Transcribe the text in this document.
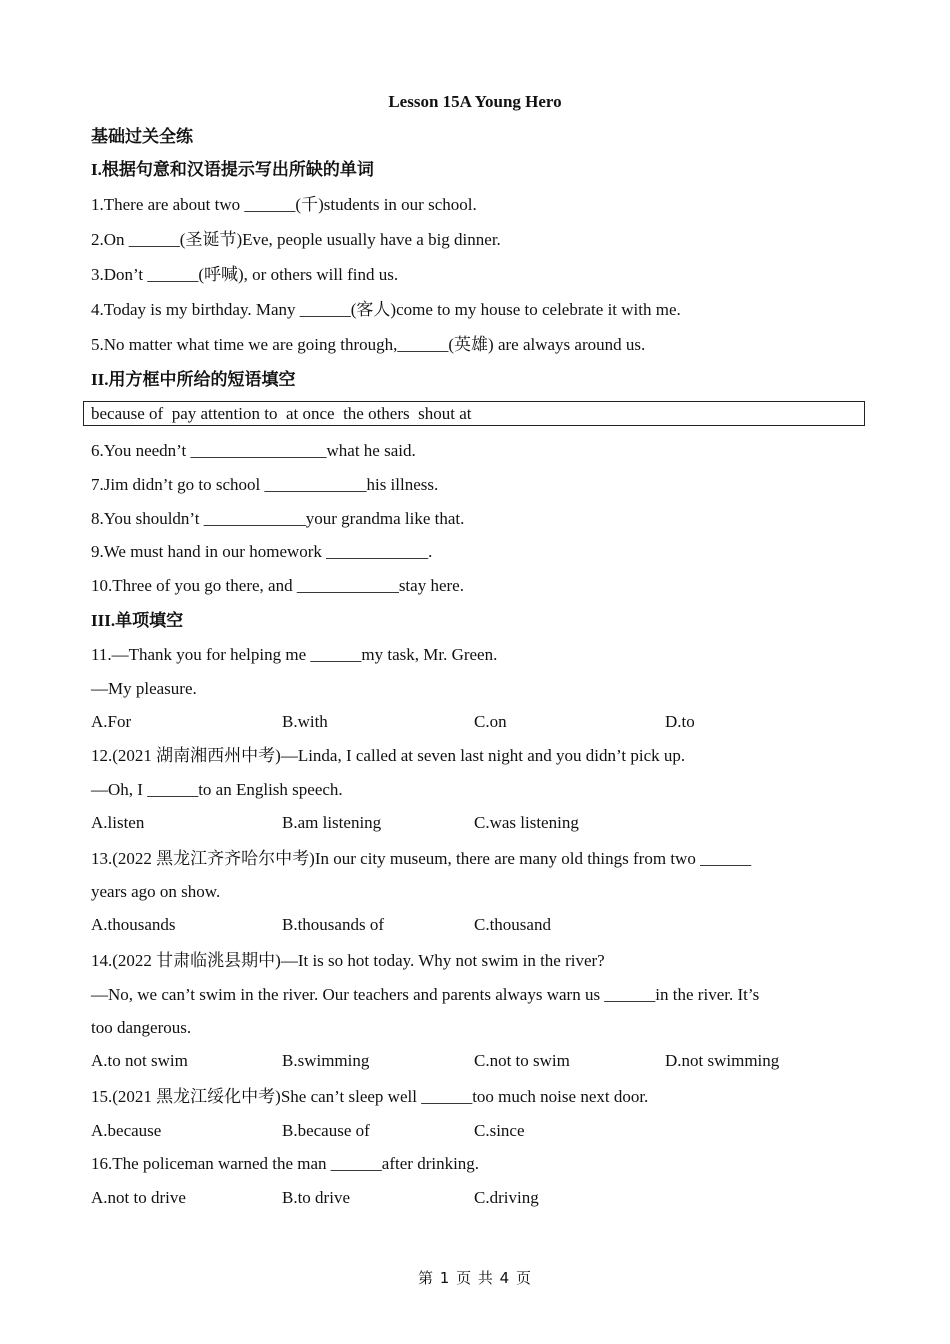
Lesson 15A Young Hero
基础过关全练
I.根据句意和汉语提示写出所缺的单词
1.There are about two ______(千)students in our school.
2.On ______(圣诞节)Eve, people usually have a big dinner.
3.Don’t ______(呼喊), or others will find us.
4.Today is my birthday. Many ______(客人)come to my house to celebrate it with me.
5.No matter what time we are going through,______(英雄) are always around us.
II.用方框中所给的短语填空
because of  pay attention to  at once  the others  shout at
6.You needn’t ________________what he said.
7.Jim didn’t go to school ____________his illness.
8.You shouldn’t ____________your grandma like that.
9.We must hand in our homework ____________.
10.Three of you go there, and ____________stay here.
III.单项填空
11.—Thank you for helping me ______my task, Mr. Green.
—My pleasure.
A.For	B.with	C.on	D.to
12.(2021 湖南湘西州中考)—Linda, I called at seven last night and you didn’t pick up.
—Oh, I ______to an English speech.
A.listen	B.am listening	C.was listening
13.(2022 黑龙江齐齐哈尔中考)In our city museum, there are many old things from two ______
years ago on show.
A.thousands	B.thousands of	C.thousand
14.(2022 甘肃临洮县期中)—It is so hot today. Why not swim in the river?
—No, we can’t swim in the river. Our teachers and parents always warn us ______in the river. It’s
too dangerous.
A.to not swim	B.swimming	C.not to swim	D.not swimming
15.(2021 黑龙江绥化中考)She can’t sleep well ______too much noise next door.
A.because	B.because of	C.since
16.The policeman warned the man ______after drinking.
A.not to drive	B.to drive	C.driving
第 1 页 共 4 页
